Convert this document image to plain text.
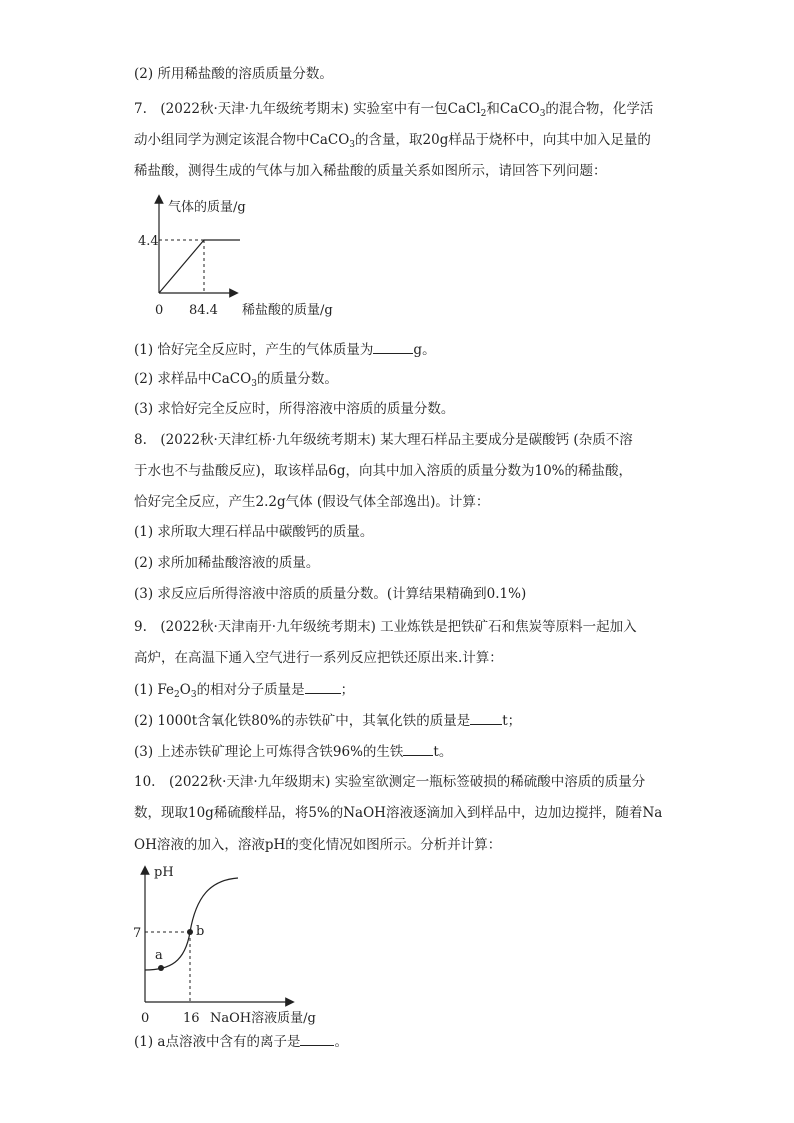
(2) 所用稀盐酸的溶质质量分数。
7.　(2022秋·天津·九年级统考期末) 实验室中有一包CaCl$_2$和CaCO$_3$的混合物，化学活
动小组同学为测定该混合物中CaCO$_3$的含量，取20g样品于烧杯中，向其中加入足量的
稀盐酸，测得生成的气体与加入稀盐酸的质量关系如图所示，请回答下列问题：
气体的质量/g
4.4
0 84.4 稀盐酸的质量/g
(1) 恰好完全反应时，产生的气体质量为	g。
(2) 求样品中CaCO$_3$的质量分数。
(3) 求恰好完全反应时，所得溶液中溶质的质量分数。
8.　(2022秋·天津红桥·九年级统考期末) 某大理石样品主要成分是碳酸钙 (杂质不溶
于水也不与盐酸反应)，取该样品6g，向其中加入溶质的质量分数为10%的稀盐酸，
恰好完全反应，产生2.2g气体 (假设气体全部逸出)。计算：
(1) 求所取大理石样品中碳酸钙的质量。
(2) 求所加稀盐酸溶液的质量。
(3) 求反应后所得溶液中溶质的质量分数。(计算结果精确到0.1%)
9.　(2022秋·天津南开·九年级统考期末) 工业炼铁是把铁矿石和焦炭等原料一起加入
高炉，在高温下通入空气进行一系列反应把铁还原出来.计算：
(1) $Fe_2O_3$的相对分子质量是	；
(2) 1000t含氧化铁80%的赤铁矿中，其氧化铁的质量是 t；
(3) 上述赤铁矿理论上可炼得含铁96%的生铁 t。
10.　(2022秋·天津·九年级期末) 实验室欲测定一瓶标签破损的稀硫酸中溶质的质量分
数，现取10g稀硫酸样品，将5%的NaOH溶液逐滴加入到样品中，边加边搅拌，随着Na
OH溶液的加入，溶液pH的变化情况如图所示。分析并计算：
a
b
pH
7
0	16 NaOH溶液质量/g
(1) a点溶液中含有的离子是	。
